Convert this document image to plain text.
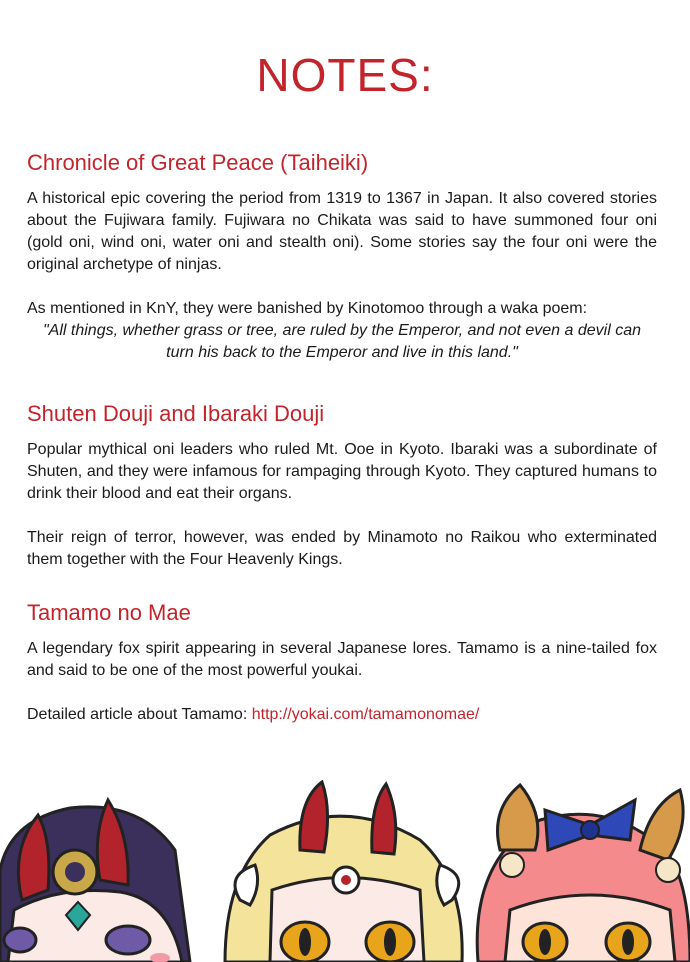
NOTES:
Chronicle of Great Peace (Taiheiki)

A historical epic covering the period from 1319 to 1367 in Japan. It also covered stories about the Fujiwara family. Fujiwara no Chikata was said to have summoned four oni (gold oni, wind oni, water oni and stealth oni). Some stories say the four oni were the original archetype of ninjas.

As mentioned in KnY, they were banished by Kinotomoo through a waka poem:

"All things, whether grass or tree, are ruled by the Emperor, and not even a devil can turn his back to the Emperor and live in this land."

Shuten Douji and Ibaraki Douji

Popular mythical oni leaders who ruled Mt. Ooe in Kyoto. Ibaraki was a subordinate of Shuten, and they were infamous for rampaging through Kyoto. They captured humans to drink their blood and eat their organs.

Their reign of terror, however, was ended by Minamoto no Raikou who exterminated them together with the Four Heavenly Kings.

Tamamo no Mae

A legendary fox spirit appearing in several Japanese lores. Tamamo is a nine-tailed fox and said to be one of the most powerful youkai.

Detailed article about Tamamo: http://yokai.com/tamamonomae/
